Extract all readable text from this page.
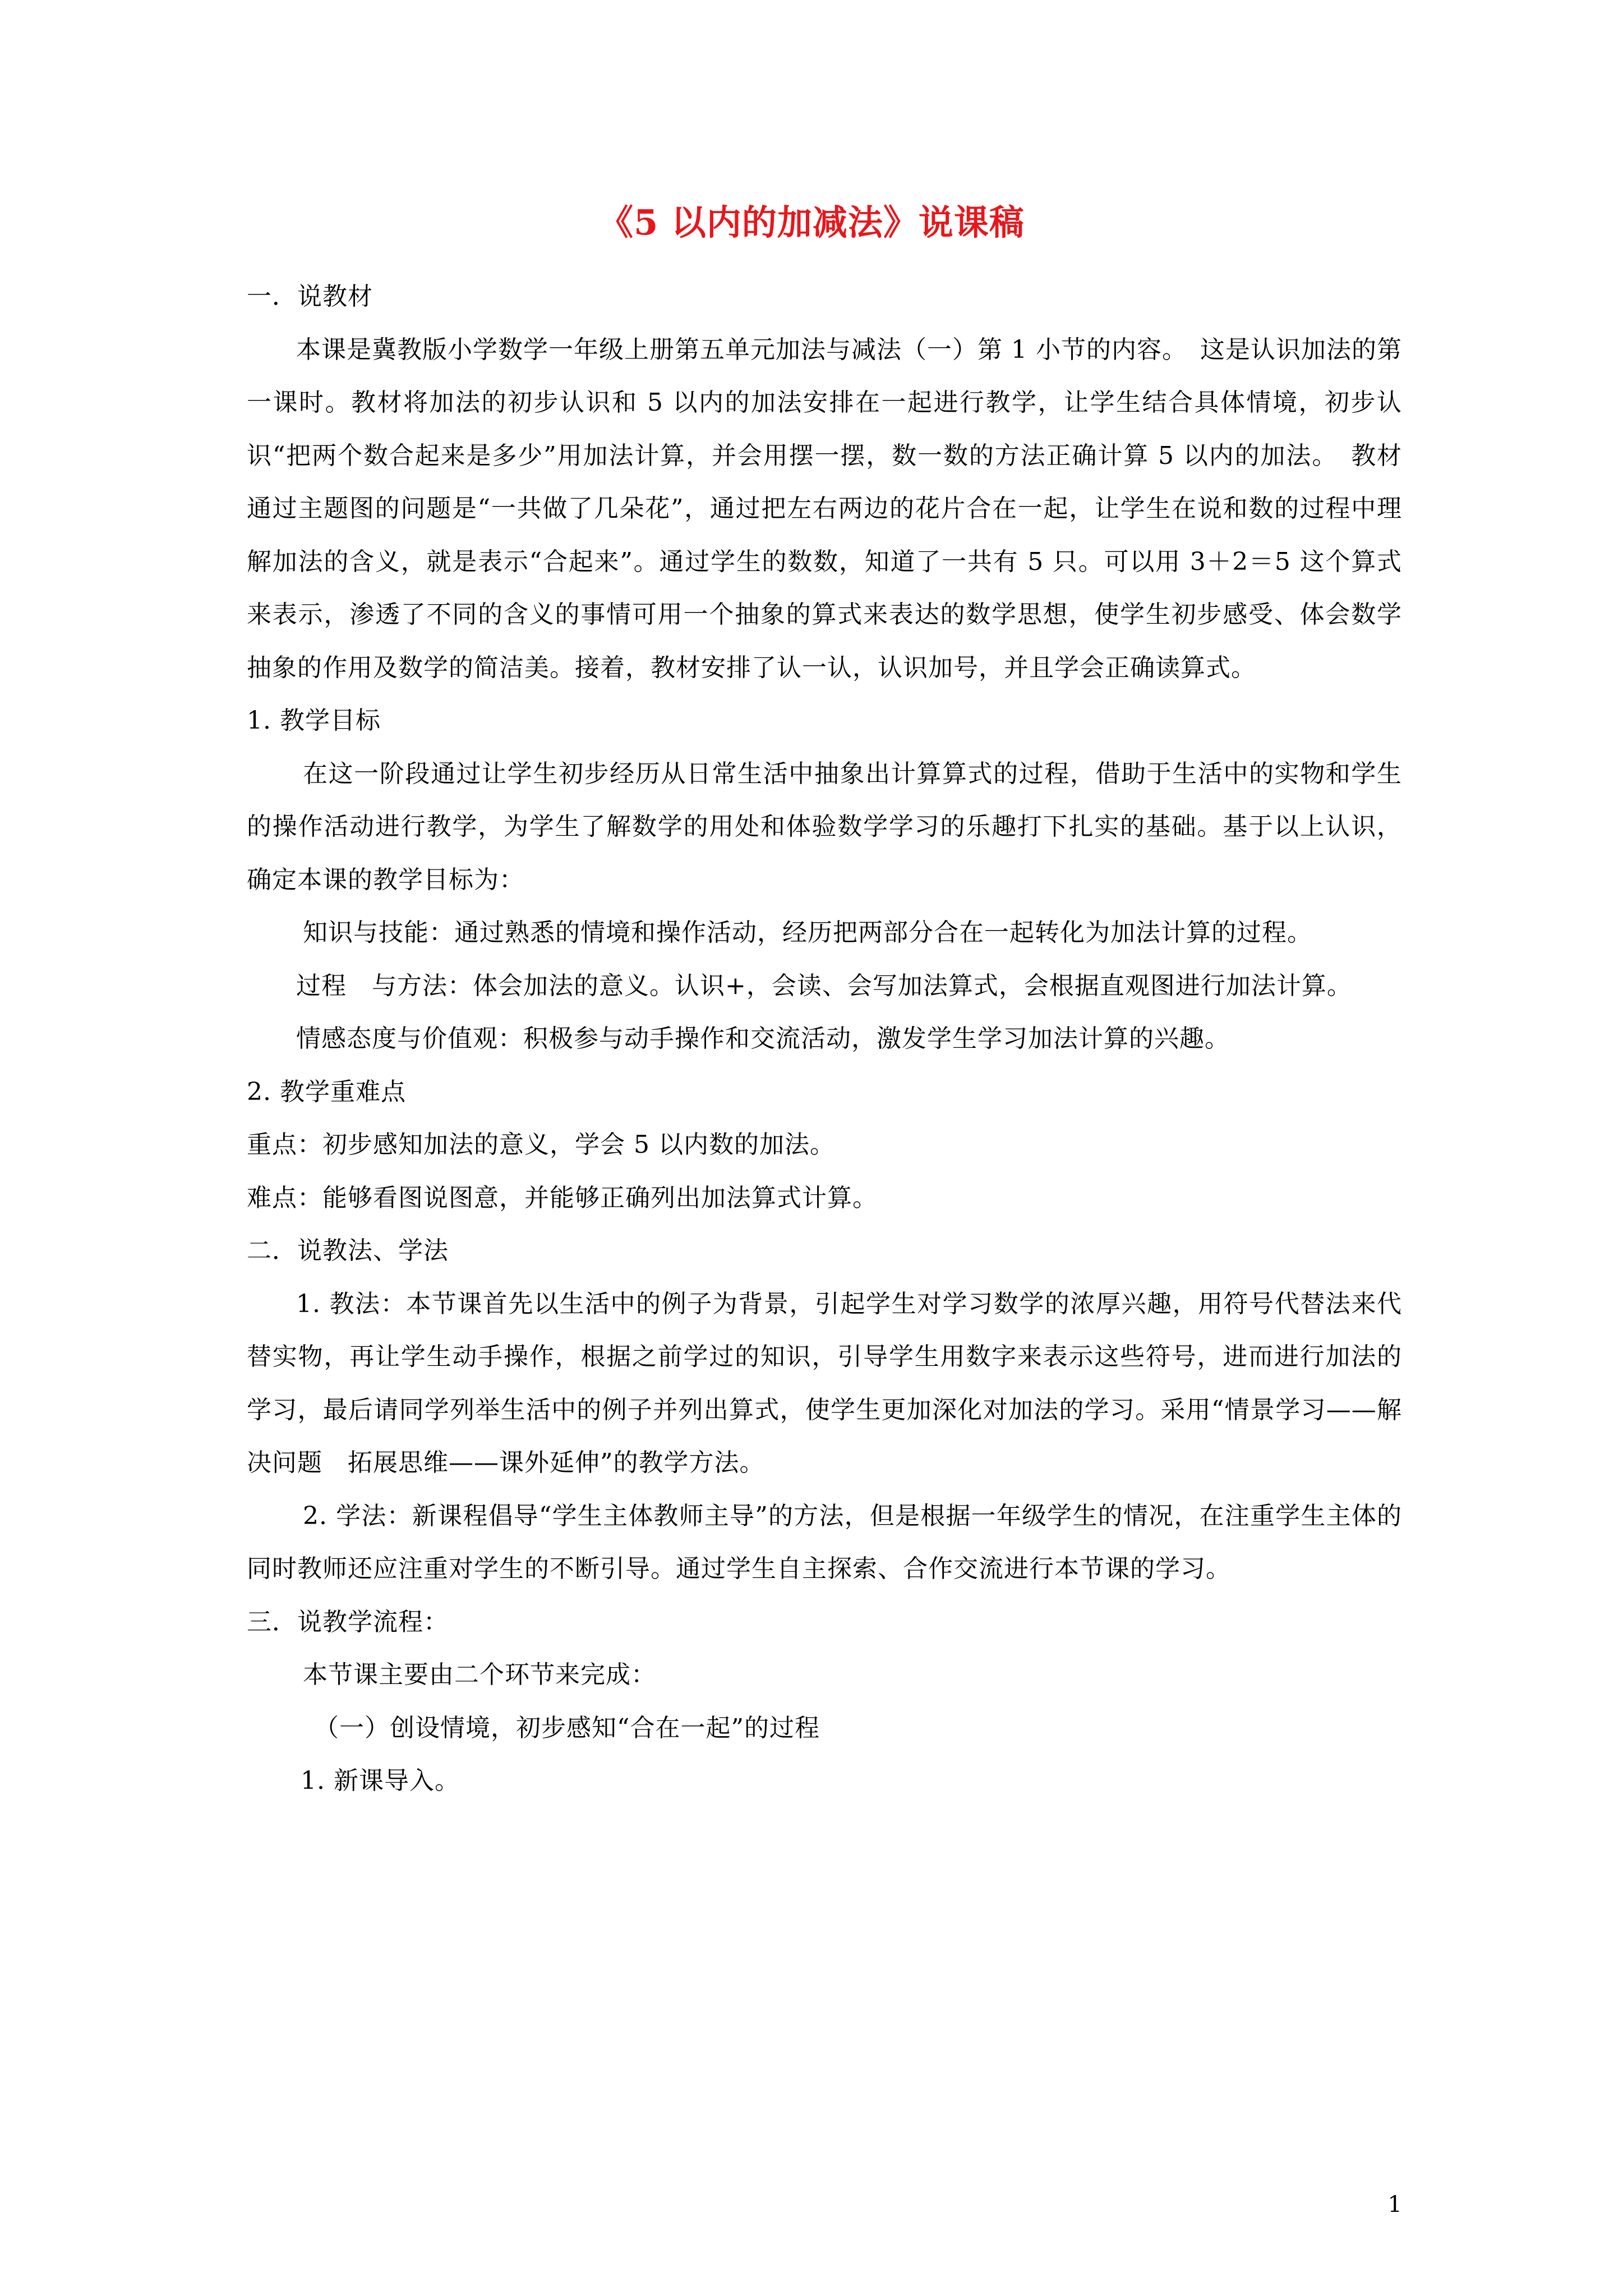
《5 以内的加减法》说课稿

一．说教材

本课是冀教版小学数学一年级上册第五单元加法与减法（一）第 1 小节的内容。　这是认识加法的第一课时。教材将加法的初步认识和 5 以内的加法安排在一起进行教学，让学生结合具体情境，初步认识“把两个数合起来是多少”用加法计算，并会用摆一摆，数一数的方法正确计算 5 以内的加法。　教材通过主题图的问题是“一共做了几朵花”，通过把左右两边的花片合在一起，让学生在说和数的过程中理解加法的含义，就是表示“合起来”。通过学生的数数，知道了一共有 5 只。可以用 3＋2＝5 这个算式来表示，渗透了不同的含义的事情可用一个抽象的算式来表达的数学思想，使学生初步感受、体会数学抽象的作用及数学的简洁美。接着，教材安排了认一认，认识加号，并且学会正确读算式。

1. 教学目标

在这一阶段通过让学生初步经历从日常生活中抽象出计算算式的过程，借助于生活中的实物和学生的操作活动进行教学，为学生了解数学的用处和体验数学学习的乐趣打下扎实的基础。基于以上认识，确定本课的教学目标为：

知识与技能：通过熟悉的情境和操作活动，经历把两部分合在一起转化为加法计算的过程。

过程　与方法：体会加法的意义。认识+，会读、会写加法算式，会根据直观图进行加法计算。

情感态度与价值观：积极参与动手操作和交流活动，激发学生学习加法计算的兴趣。

2. 教学重难点

重点：初步感知加法的意义，学会 5 以内数的加法。

难点：能够看图说图意，并能够正确列出加法算式计算。

二．说教法、学法

1. 教法：本节课首先以生活中的例子为背景，引起学生对学习数学的浓厚兴趣，用符号代替法来代替实物，再让学生动手操作，根据之前学过的知识，引导学生用数字来表示这些符号，进而进行加法的学习，最后请同学列举生活中的例子并列出算式，使学生更加深化对加法的学习。采用“情景学习——解决问题　拓展思维——课外延伸”的教学方法。

2. 学法：新课程倡导“学生主体教师主导”的方法，但是根据一年级学生的情况，在注重学生主体的同时教师还应注重对学生的不断引导。通过学生自主探索、合作交流进行本节课的学习。

三．说教学流程：

本节课主要由二个环节来完成：

（一）创设情境，初步感知“合在一起”的过程

1. 新课导入。

1
